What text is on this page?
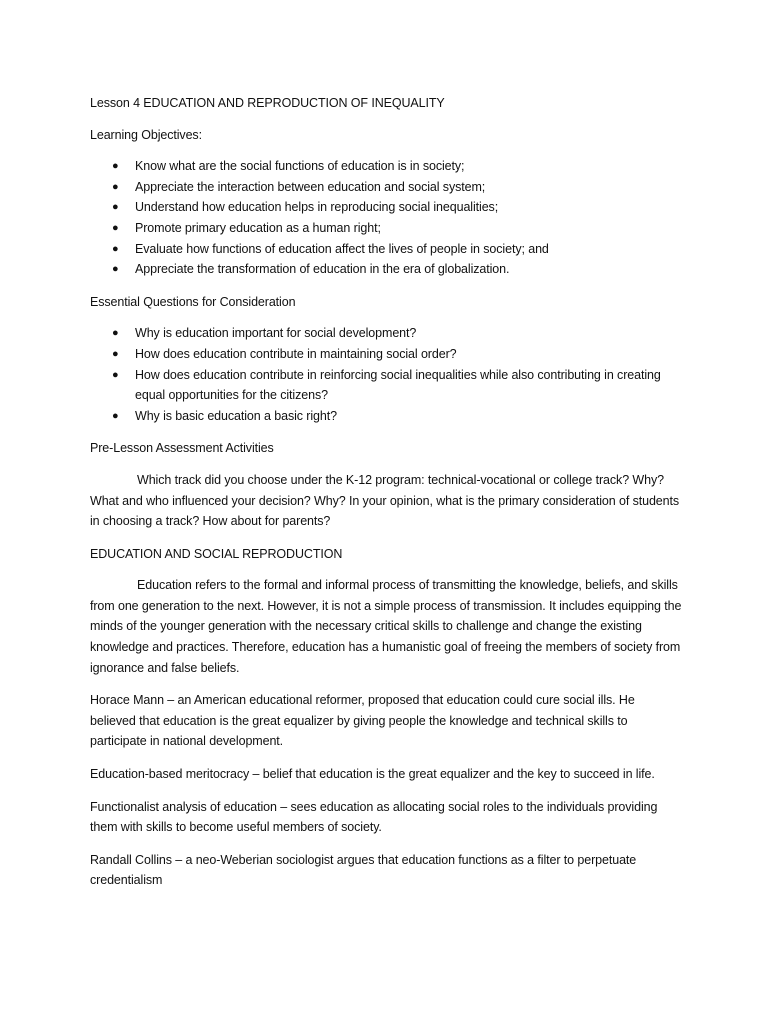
Lesson 4 EDUCATION AND REPRODUCTION OF INEQUALITY

Learning Objectives:

● Know what are the social functions of education is in society;
● Appreciate the interaction between education and social system;
● Understand how education helps in reproducing social inequalities;
● Promote primary education as a human right;
● Evaluate how functions of education affect the lives of people in society; and
● Appreciate the transformation of education in the era of globalization.

Essential Questions for Consideration

● Why is education important for social development?
● How does education contribute in maintaining social order?
● How does education contribute in reinforcing social inequalities while also contributing in creating equal opportunities for the citizens?
● Why is basic education a basic right?

Pre-Lesson Assessment Activities

Which track did you choose under the K-12 program: technical-vocational or college track? Why? What and who influenced your decision? Why? In your opinion, what is the primary consideration of students in choosing a track? How about for parents?

EDUCATION AND SOCIAL REPRODUCTION

Education refers to the formal and informal process of transmitting the knowledge, beliefs, and skills from one generation to the next. However, it is not a simple process of transmission. It includes equipping the minds of the younger generation with the necessary critical skills to challenge and change the existing knowledge and practices. Therefore, education has a humanistic goal of freeing the members of society from ignorance and false beliefs.

Horace Mann – an American educational reformer, proposed that education could cure social ills. He believed that education is the great equalizer by giving people the knowledge and technical skills to participate in national development.

Education-based meritocracy – belief that education is the great equalizer and the key to succeed in life.

Functionalist analysis of education – sees education as allocating social roles to the individuals providing them with skills to become useful members of society.

Randall Collins – a neo-Weberian sociologist argues that education functions as a filter to perpetuate credentialism
